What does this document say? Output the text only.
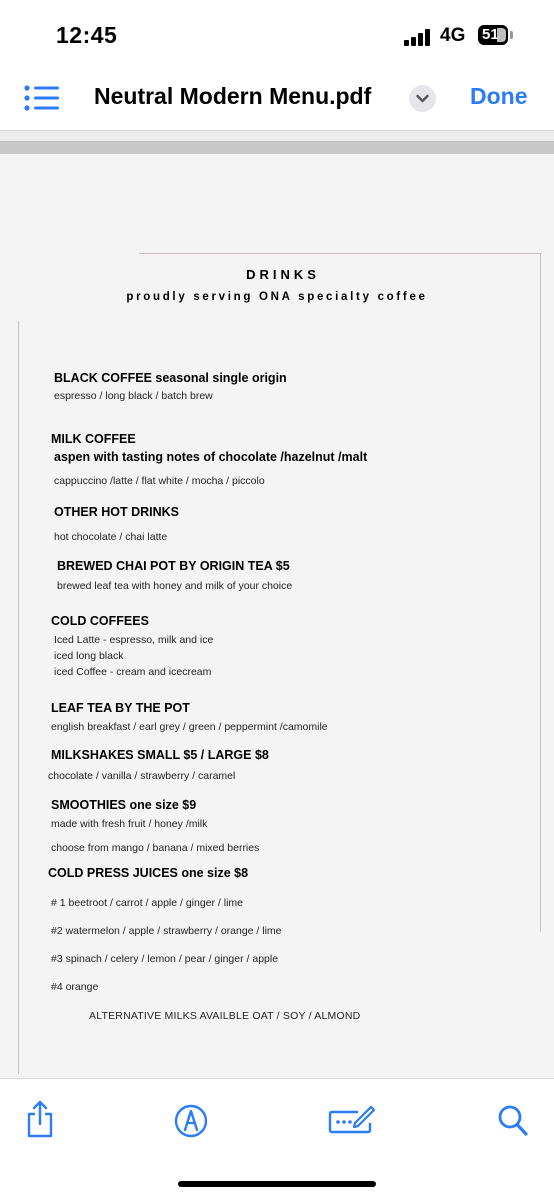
12:45	4G 51
Neutral Modern Menu.pdf	Done
DRINKS
proudly serving ONA specialty coffee
BLACK COFFEE seasonal single origin
espresso / long black / batch brew
MILK COFFEE
aspen with tasting notes of chocolate /hazelnut /malt
cappuccino /latte / flat white / mocha / piccolo
OTHER HOT DRINKS
hot chocolate / chai latte
BREWED CHAI POT BY ORIGIN TEA $5
brewed leaf tea with honey and milk of your choice
COLD COFFEES
Iced Latte - espresso, milk and ice
iced long black
iced Coffee - cream and icecream
LEAF TEA BY THE POT
english breakfast / earl grey / green / peppermint /camomile
MILKSHAKES SMALL $5 / LARGE $8
chocolate / vanilla / strawberry / caramel
SMOOTHIES one size $9
made with fresh fruit / honey /milk
choose from mango / banana / mixed berries
COLD PRESS JUICES one size $8
# 1 beetroot / carrot / apple / ginger / lime
#2 watermelon / apple / strawberry / orange / lime
#3 spinach / celery / lemon / pear / ginger / apple
#4 orange
ALTERNATIVE MILKS AVAILBLE OAT / SOY / ALMOND
